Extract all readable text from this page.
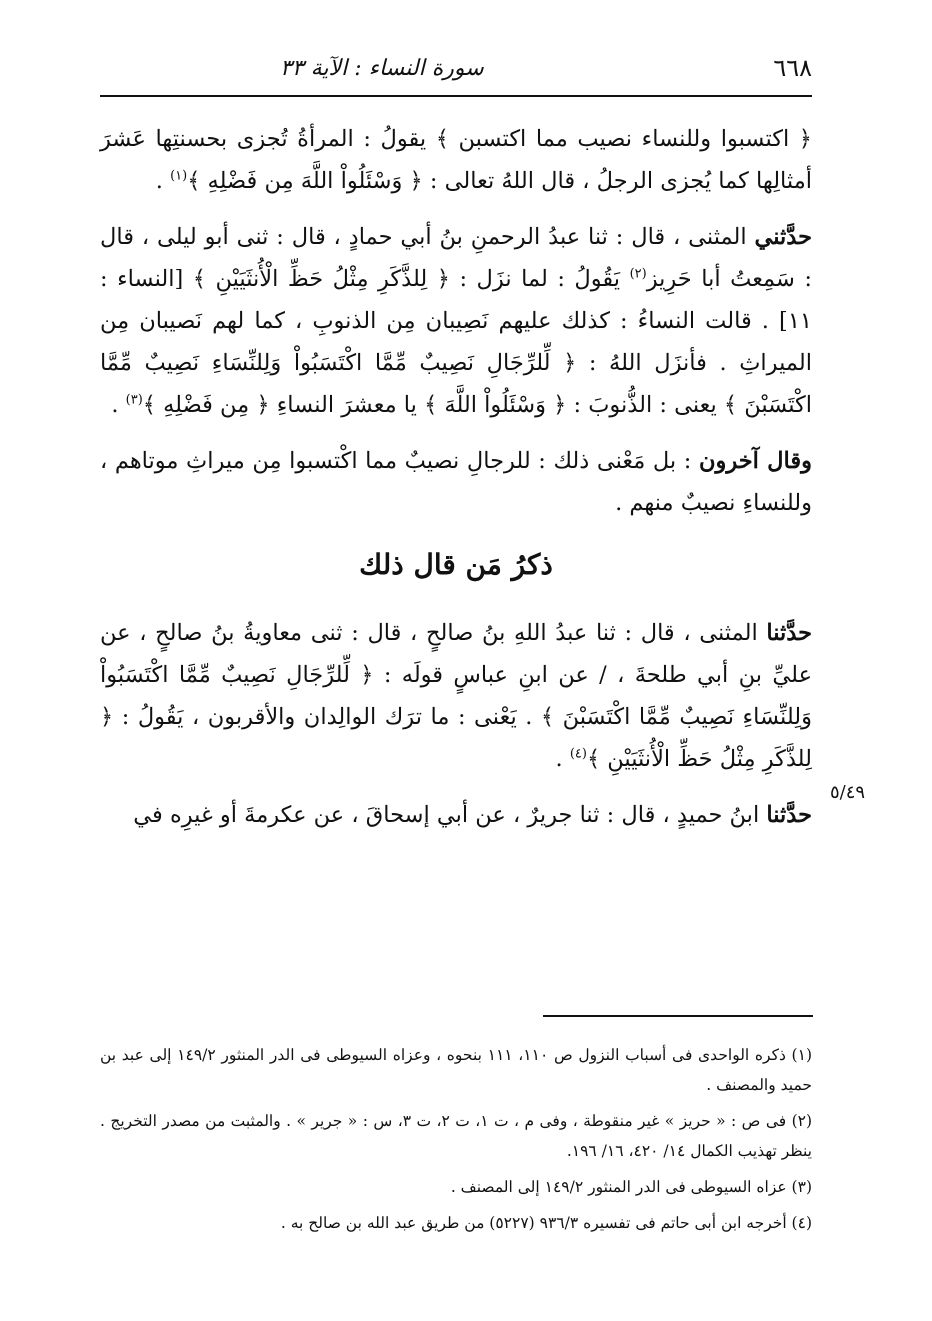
٦٦٨
سورة النساء : الآية ٣٣

﴿ اكتسبوا وللنساء نصيب مما اكتسبن ﴾ يقولُ : المرأةُ تُجزى بحسنتِها عَشرَ أمثالِها كما يُجزى الرجلُ ، قال اللهُ تعالى : ﴿ وَسْئَلُواْ اللَّهَ مِن فَضْلِهِ ﴾$^{(١)}$ .

حدَّثني المثنى ، قال : ثنا عبدُ الرحمنِ بنُ أبي حمادٍ ، قال : ثنى أبو ليلى ، قال : سَمِعتُ أبا حَرِيز$^{(٢)}$ يَقُولُ : لما نزَل : ﴿ لِلذَّكَرِ مِثْلُ حَظِّ الْأُنثَيَيْنِ ﴾ [النساء : ١١] . قالت النساءُ : كذلك عليهم نَصِيبان مِن الذنوبِ ، كما لهم نَصيبان مِن الميراثِ . فأنزَل اللهُ : ﴿ لِّلرِّجَالِ نَصِيبٌ مِّمَّا اكْتَسَبُواْ وَلِلنِّسَاءِ نَصِيبٌ مِّمَّا اكْتَسَبْنَ ﴾ يعنى : الذُّنوبَ : ﴿ وَسْئَلُواْ اللَّهَ ﴾ يا معشرَ النساءِ ﴿ مِن فَضْلِهِ ﴾$^{(٣)}$ .

وقال آخرون : بل مَعْنى ذلك : للرجالِ نصيبٌ مما اكْتسبوا مِن ميراثِ موتاهم ، وللنساءِ نصيبٌ منهم .

ذكرُ مَن قال ذلك

حدَّثنا المثنى ، قال : ثنا عبدُ اللهِ بنُ صالحٍ ، قال : ثنى معاويةُ بنُ صالحٍ ، عن عليِّ بنِ أبي طلحةَ ، / عن ابنِ عباسٍ قولَه : ﴿ لِّلرِّجَالِ نَصِيبٌ مِّمَّا اكْتَسَبُواْ وَلِلنِّسَاءِ نَصِيبٌ مِّمَّا اكْتَسَبْنَ ﴾ . يَعْنى : ما ترَك الوالِدان والأقربون ، يَقُولُ : ﴿ لِلذَّكَرِ مِثْلُ حَظِّ الْأُنثَيَيْنِ ﴾$^{(٤)}$ .

حدَّثنا ابنُ حميدٍ ، قال : ثنا جريرٌ ، عن أبي إسحاقَ ، عن عكرمةَ أو غيرِه في

٥/٤٩

(١) ذكره الواحدى فى أسباب النزول ص ١١٠، ١١١ بنحوه ، وعزاه السيوطى فى الدر المنثور ١٤٩/٢ إلى عبد بن حميد والمصنف .

(٢) فى ص : « حريز » غير منقوطة ، وفى م ، ت ١، ت ٢، ت ٣، س : « جرير » . والمثبت من مصدر التخريج . ينظر تهذيب الكمال ١٤/ ٤٢٠، ١٦/ ١٩٦.

(٣) عزاه السيوطى فى الدر المنثور ١٤٩/٢ إلى المصنف .

(٤) أخرجه ابن أبى حاتم فى تفسيره ٩٣٦/٣ (٥٢٢٧) من طريق عبد الله بن صالح به .
